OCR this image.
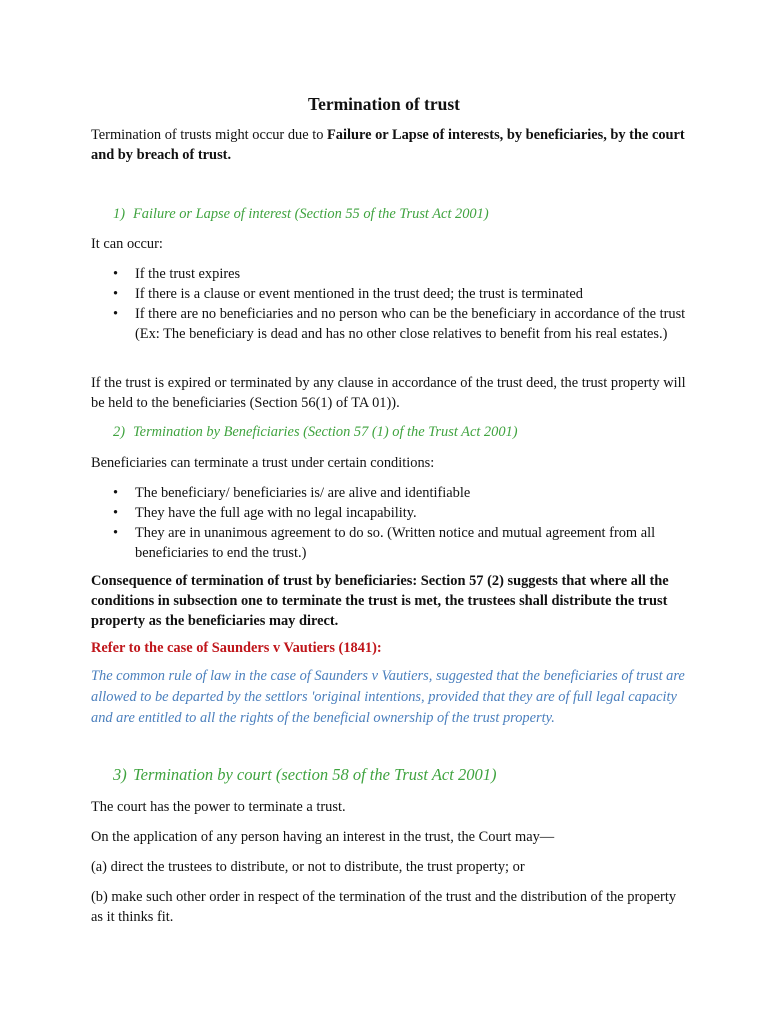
Termination of trust

Termination of trusts might occur due to Failure or Lapse of interests, by beneficiaries, by the court and by breach of trust.

1) Failure or Lapse of interest (Section 55 of the Trust Act 2001)

It can occur:

•	If the trust expires
•	If there is a clause or event mentioned in the trust deed; the trust is terminated
•	If there are no beneficiaries and no person who can be the beneficiary in accordance of the trust (Ex: The beneficiary is dead and has no other close relatives to benefit from his real estates.)

If the trust is expired or terminated by any clause in accordance of the trust deed, the trust property will be held to the beneficiaries (Section 56(1) of TA 01)).

2) Termination by Beneficiaries (Section 57 (1) of the Trust Act 2001)

Beneficiaries can terminate a trust under certain conditions:

•	The beneficiary/ beneficiaries is/ are alive and identifiable
•	They have the full age with no legal incapability.
•	They are in unanimous agreement to do so. (Written notice and mutual agreement from all beneficiaries to end the trust.)

Consequence of termination of trust by beneficiaries: Section 57 (2) suggests that where all the conditions in subsection one to terminate the trust is met, the trustees shall distribute the trust property as the beneficiaries may direct.

Refer to the case of Saunders v Vautiers (1841):

The common rule of law in the case of Saunders v Vautiers, suggested that the beneficiaries of trust are allowed to be departed by the settlors 'original intentions, provided that they are of full legal capacity and are entitled to all the rights of the beneficial ownership of the trust property.

3) Termination by court (section 58 of the Trust Act 2001)

The court has the power to terminate a trust.

On the application of any person having an interest in the trust, the Court may—

(a) direct the trustees to distribute, or not to distribute, the trust property; or

(b) make such other order in respect of the termination of the trust and the distribution of the property as it thinks fit.
